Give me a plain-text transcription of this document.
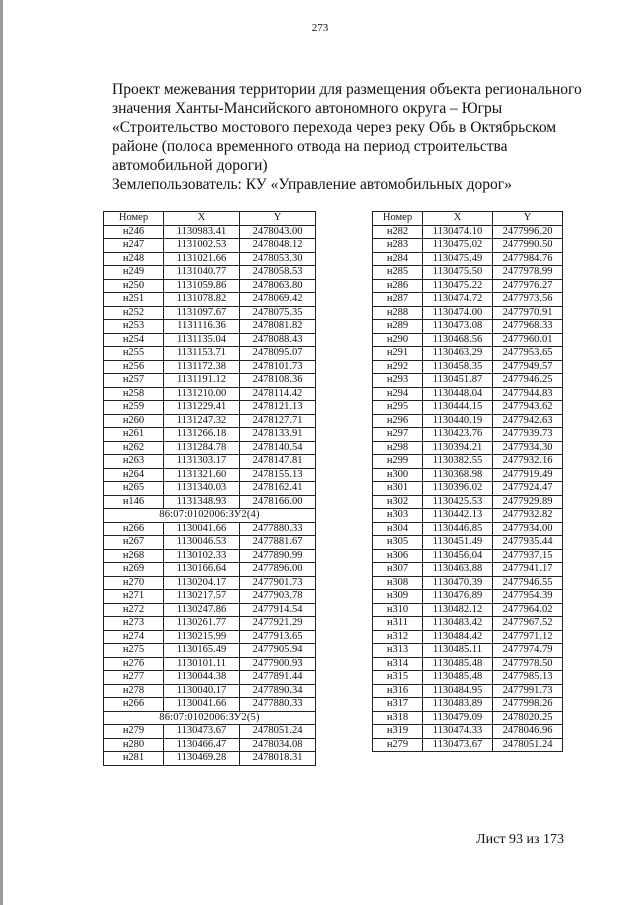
273
Проект межевания территории для размещения объекта регионального
значения Ханты-Мансийского автономного округа – Югры
«Строительство мостового перехода через реку Обь в Октябрьском
районе (полоса временного отвода на период строительства
автомобильной дороги)
Землепользователь: КУ «Управление автомобильных дорог»
Номер	X	Y
н246	1130983.41	2478043.00
н247	1131002.53	2478048.12
н248	1131021.66	2478053.30
н249	1131040.77	2478058.53
н250	1131059.86	2478063.80
н251	1131078.82	2478069.42
н252	1131097.67	2478075.35
н253	1131116.36	2478081.82
н254	1131135.04	2478088.43
н255	1131153.71	2478095.07
н256	1131172.38	2478101.73
н257	1131191.12	2478108.36
н258	1131210.00	2478114.42
н259	1131229.41	2478121.13
н260	1131247.32	2478127.71
н261	1131266.18	2478133.91
н262	1131284.78	2478140.54
н263	1131303.17	2478147.81
н264	1131321.60	2478155.13
н265	1131340.03	2478162.41
н146	1131348.93	2478166.00
86:07:0102006:ЗУ2(4)		
н266	1130041.66	2477880.33
н267	1130046.53	2477881.67
н268	1130102.33	2477890.99
н269	1130166.64	2477896.00
н270	1130204.17	2477901.73
н271	1130217.57	2477903.78
н272	1130247.86	2477914.54
н273	1130261.77	2477921.29
н274	1130215.99	2477913.65
н275	1130165.49	2477905.94
н276	1130101.11	2477900.93
н277	1130044.38	2477891.44
н278	1130040.17	2477890.34
н266	1130041.66	2477880.33
86:07:0102006:ЗУ2(5)		
н279	1130473.67	2478051.24
н280	1130466.47	2478034.08
н281	1130469.28	2478018.31
Номер	X	Y
н282	1130474.10	2477996.20
н283	1130475.02	2477990.50
н284	1130475.49	2477984.76
н285	1130475.50	2477978.99
н286	1130475.22	2477976.27
н287	1130474.72	2477973.56
н288	1130474.00	2477970.91
н289	1130473.08	2477968.33
н290	1130468.56	2477960.01
н291	1130463.29	2477953.65
н292	1130458.35	2477949.57
н293	1130451.87	2477946.25
н294	1130448.04	2477944.83
н295	1130444.15	2477943.62
н296	1130440.19	2477942.63
н297	1130423.76	2477939.73
н298	1130394.21	2477934.30
н299	1130382.55	2477932.16
н300	1130368.98	2477919.49
н301	1130396.02	2477924.47
н302	1130425.53	2477929.89
н303	1130442.13	2477932.82
н304	1130446.85	2477934.00
н305	1130451.49	2477935.44
н306	1130456.04	2477937.15
н307	1130463.88	2477941.17
н308	1130470.39	2477946.55
н309	1130476.89	2477954.39
н310	1130482.12	2477964.02
н311	1130483.42	2477967.52
н312	1130484.42	2477971.12
н313	1130485.11	2477974.79
н314	1130485.48	2477978.50
н315	1130485.48	2477985.13
н316	1130484.95	2477991.73
н317	1130483.89	2477998.26
н318	1130479.09	2478020.25
н319	1130474.33	2478046.96
н279	1130473.67	2478051.24
Лист 93 из 173
